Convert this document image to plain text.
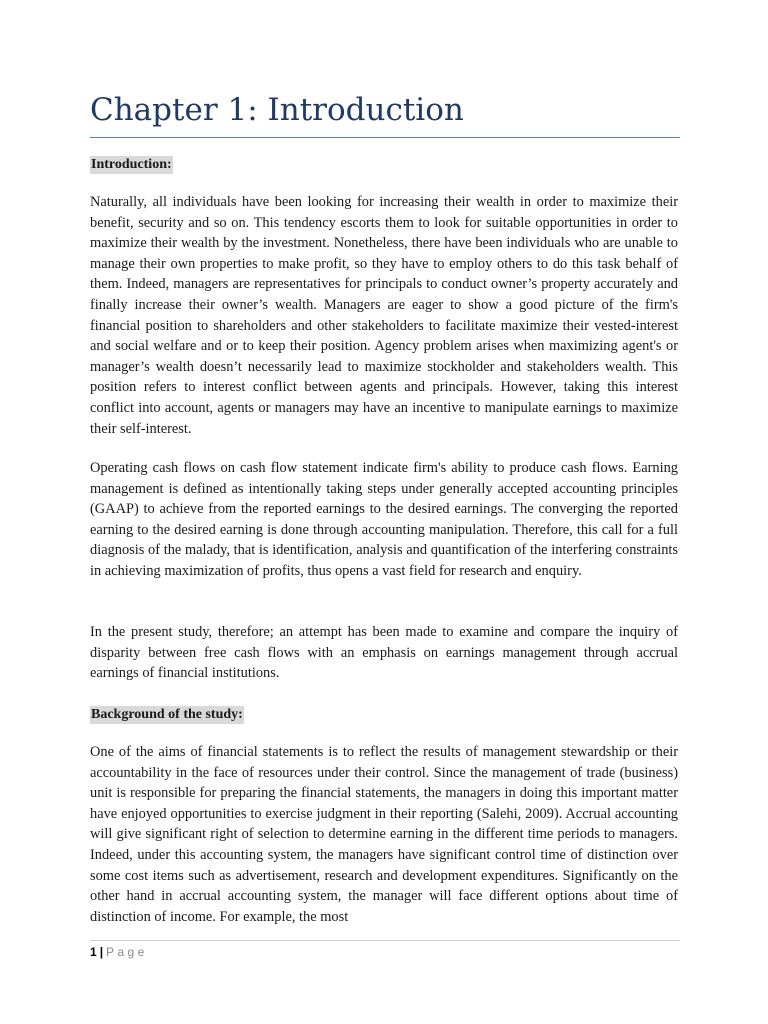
Chapter 1: Introduction
Introduction:

Naturally, all individuals have been looking for increasing their wealth in order to maximize their benefit, security and so on. This tendency escorts them to look for suitable opportunities in order to maximize their wealth by the investment. Nonetheless, there have been individuals who are unable to manage their own properties to make profit, so they have to employ others to do this task behalf of them. Indeed, managers are representatives for principals to conduct owner’s property accurately and finally increase their owner’s wealth. Managers are eager to show a good picture of the firm's financial position to shareholders and other stakeholders to facilitate maximize their vested-interest and social welfare and or to keep their position. Agency problem arises when maximizing agent's or manager’s wealth doesn’t necessarily lead to maximize stockholder and stakeholders wealth. This position refers to interest conflict between agents and principals. However, taking this interest conflict into account, agents or managers may have an incentive to manipulate earnings to maximize their self-interest.

Operating cash flows on cash flow statement indicate firm's ability to produce cash flows. Earning management is defined as intentionally taking steps under generally accepted accounting principles (GAAP) to achieve from the reported earnings to the desired earnings. The converging the reported earning to the desired earning is done through accounting manipulation. Therefore, this call for a full diagnosis of the malady, that is identification, analysis and quantification of the interfering constraints in achieving maximization of profits, thus opens a vast field for research and enquiry.

In the present study, therefore; an attempt has been made to examine and compare the inquiry of disparity between free cash flows with an emphasis on earnings management through accrual earnings of financial institutions.

Background of the study:

One of the aims of financial statements is to reflect the results of management stewardship or their accountability in the face of resources under their control. Since the management of trade (business) unit is responsible for preparing the financial statements, the managers in doing this important matter have enjoyed opportunities to exercise judgment in their reporting (Salehi, 2009). Accrual accounting will give significant right of selection to determine earning in the different time periods to managers. Indeed, under this accounting system, the managers have significant control time of distinction over some cost items such as advertisement, research and development expenditures. Significantly on the other hand in accrual accounting system, the manager will face different options about time of distinction of income. For example, the most

1 | Page
